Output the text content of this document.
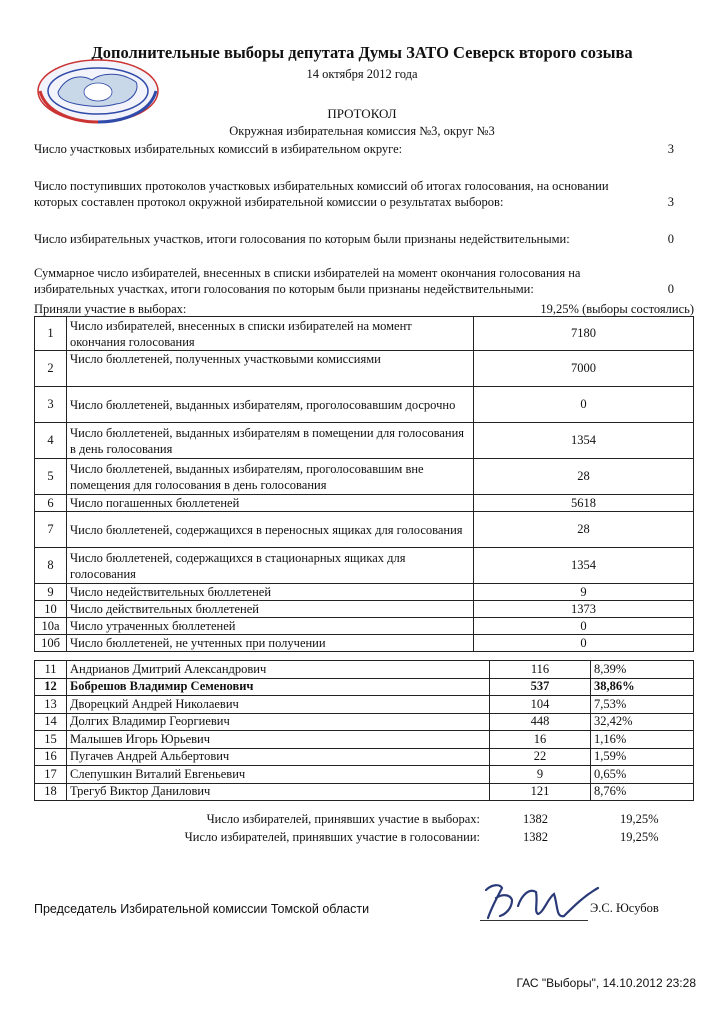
Дополнительные выборы депутата Думы ЗАТО Северск второго созыва
14 октября 2012 года
ПРОТОКОЛ
Окружная избирательная комиссия №3, округ №3
Число участковых избирательных комиссий в избирательном округе:	3
Число поступивших протоколов участковых избирательных комиссий об итогах голосования, на основании которых составлен протокол окружной избирательной комиссии о результатах выборов:	3
Число избирательных участков, итоги голосования по которым были признаны недействительными:	0
Суммарное число избирателей, внесенных в списки избирателей на момент окончания голосования на избирательных участках, итоги голосования по которым были признаны недействительными:	0
Приняли участие в выборах:	19,25% (выборы состоялись)
1	Число избирателей, внесенных в списки избирателей на момент окончания голосования	7180
2	Число бюллетеней, полученных участковыми комиссиями	7000
3	Число бюллетеней, выданных избирателям, проголосовавшим досрочно	0
4	Число бюллетеней, выданных избирателям в помещении для голосования в день голосования	1354
5	Число бюллетеней, выданных избирателям, проголосовавшим вне помещения для голосования в день голосования	28
6	Число погашенных бюллетеней	5618
7	Число бюллетеней, содержащихся в переносных ящиках для голосования	28
8	Число бюллетеней, содержащихся в стационарных ящиках для голосования	1354
9	Число недействительных бюллетеней	9
10	Число действительных бюллетеней	1373
10а	Число утраченных бюллетеней	0
10б	Число бюллетеней, не учтенных при получении	0
11	Андрианов Дмитрий Александрович	116	8,39%
12	Бобрешов Владимир Семенович	537	38,86%
13	Дворецкий Андрей Николаевич	104	7,53%
14	Долгих Владимир Георгиевич	448	32,42%
15	Малышев Игорь Юрьевич	16	1,16%
16	Пугачев Андрей Альбертович	22	1,59%
17	Слепушкин Виталий Евгеньевич	9	0,65%
18	Трегуб Виктор Данилович	121	8,76%
Число избирателей, принявших участие в выборах:	1382	19,25%
Число избирателей, принявших участие в голосовании:	1382	19,25%
Председатель Избирательной комиссии Томской области	Э.С. Юсубов
ГАС "Выборы", 14.10.2012 23:28
